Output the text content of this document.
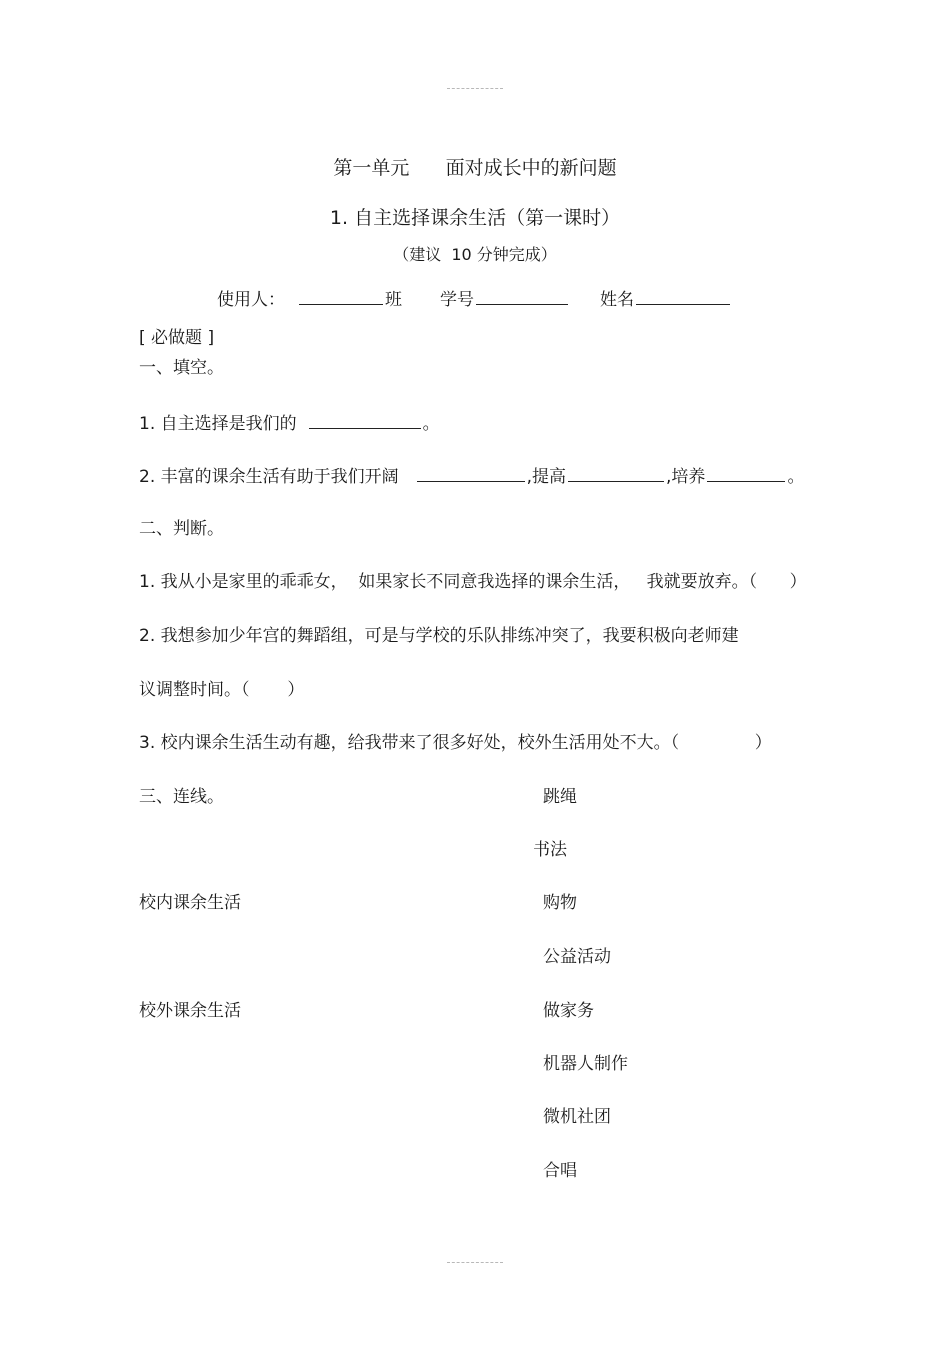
第一单元      面对成长中的新问题
1. 自主选择课余生活（第一课时）
（建议  10 分钟完成）
使用人：	班 学号	姓名
[ 必做题 ]
一、填空。
1. 自主选择是我们的	。
2. 丰富的课余生活有助于我们开阔	,提高	,培养	。
二、判断。
1. 我从小是家里的乖乖女，  如果家长不同意我选择的课余生活，   我就要放弃。（      ）
2. 我想参加少年宫的舞蹈组，可是与学校的乐队排练冲突了，我要积极向老师建
议调整时间。（       ）
3. 校内课余生活生动有趣，给我带来了很多好处，校外生活用处不大。（              ）
三、连线。
校内课余生活
校外课余生活
跳绳
书法
购物
公益活动
做家务
机器人制作
微机社团
合唱
